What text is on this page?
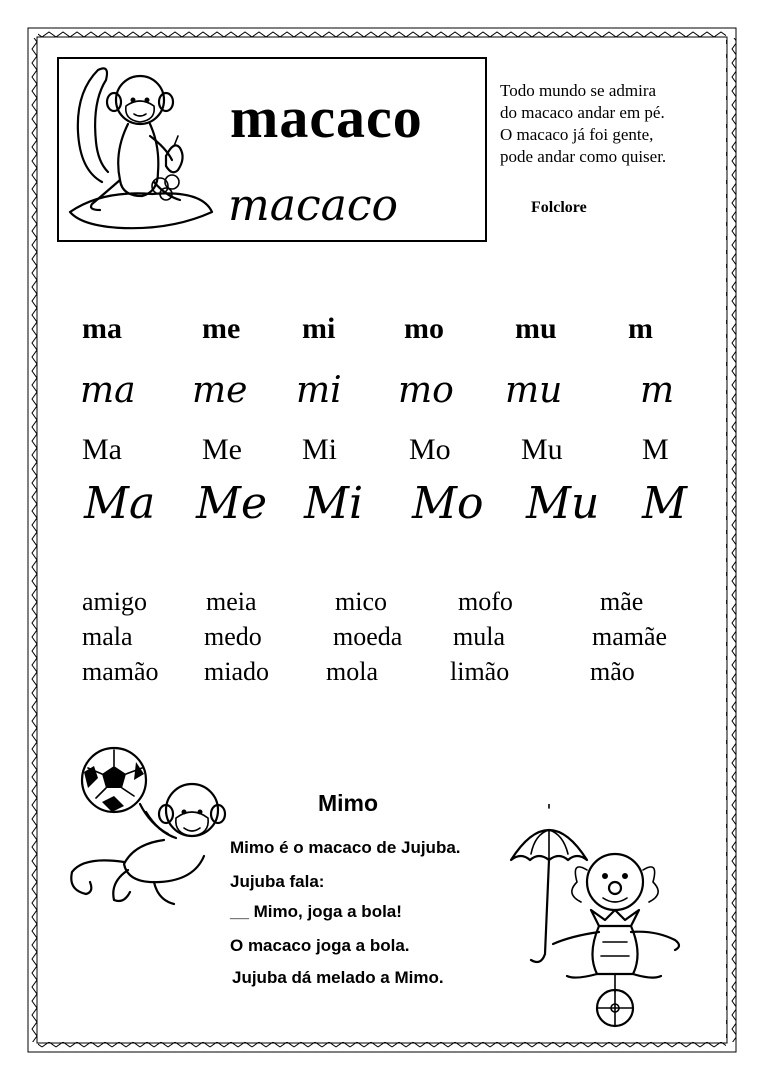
macaco
macaco
Todo mundo se admira
do macaco andar em pé.
O macaco já foi gente,
pode andar como quiser.
Folclore
ma	me mi mo mu m
ma me mi mo mu m
Ma	Me Mi Mo Mu	M
Ma Me Mi Mo Mu M
amigo meia	mico	mofo	mãe
mala	medo	moeda mula	mamãe
mamão miado mola	limão	mão
Mimo
Mimo é o macaco de Jujuba.
Jujuba fala:
__ Mimo, joga a bola!
O macaco joga a bola.
Jujuba dá melado a Mimo.
